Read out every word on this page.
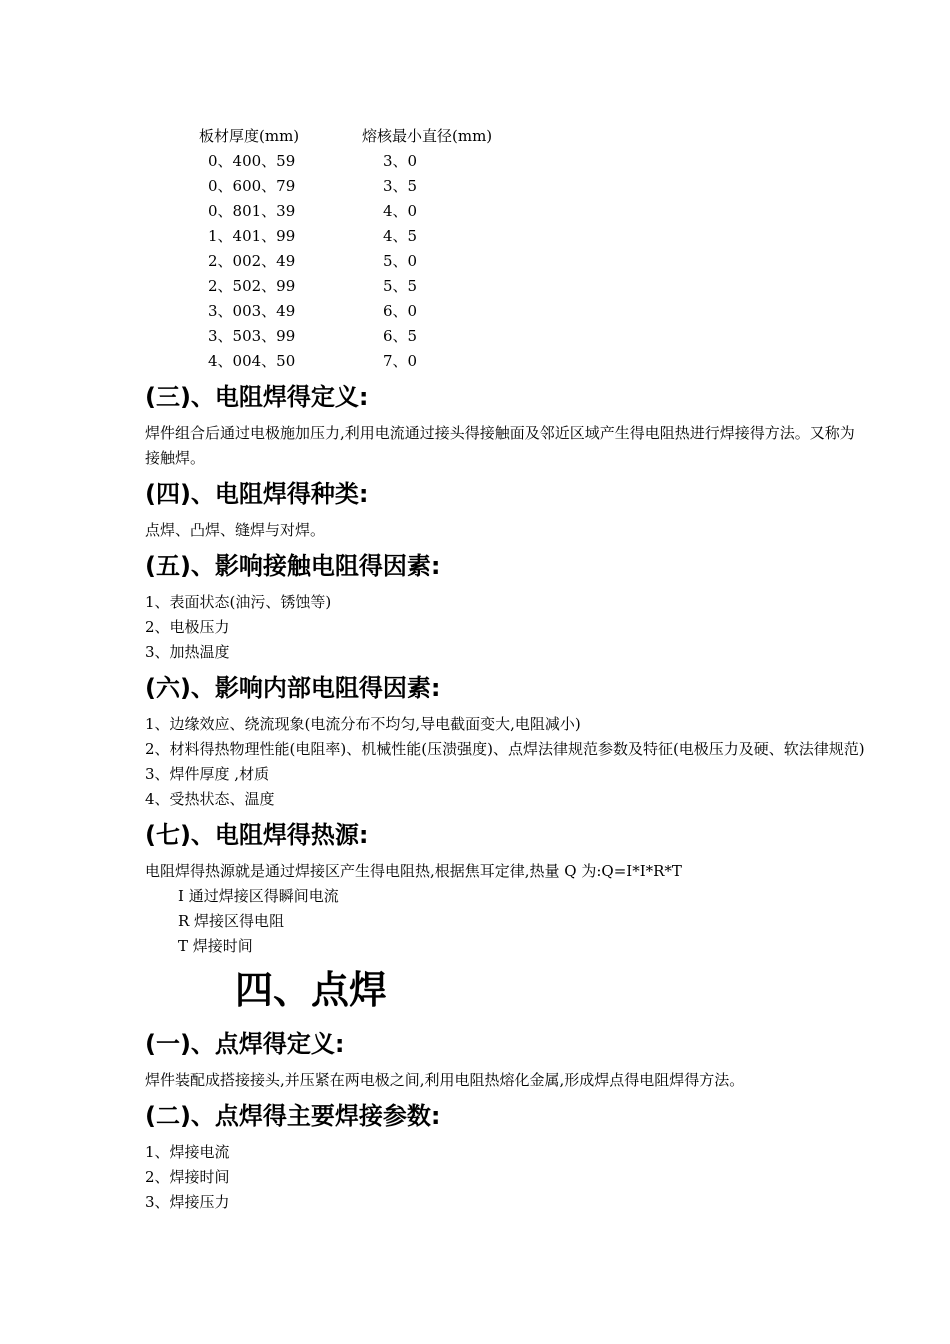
板材厚度(mm)	熔核最小直径(mm)
0、400、59	3、0
0、600、79	3、5
0、801、39	4、0
1、401、99	4、5
2、002、49	5、0
2、502、99	5、5
3、003、49	6、0
3、503、99	6、5
4、004、50	7、0
(三)、电阻焊得定义:

焊件组合后通过电极施加压力,利用电流通过接头得接触面及邻近区域产生得电阻热进行焊接得方法。又称为接触焊。

(四)、电阻焊得种类:

点焊、凸焊、缝焊与对焊。

(五)、影响接触电阻得因素:

1、表面状态(油污、锈蚀等)

2、电极压力

3、加热温度

(六)、影响内部电阻得因素:

1、边缘效应、绕流现象(电流分布不均匀,导电截面变大,电阻减小)

2、材料得热物理性能(电阻率)、机械性能(压溃强度)、点焊法律规范参数及特征(电极压力及硬、软法律规范)

3、焊件厚度 ,材质

4、受热状态、温度

(七)、电阻焊得热源:

电阻焊得热源就是通过焊接区产生得电阻热,根据焦耳定律,热量 Q 为:Q=I*I*R*T

I 通过焊接区得瞬间电流

R 焊接区得电阻

T 焊接时间

四、点焊
(一)、点焊得定义:

焊件装配成搭接接头,并压紧在两电极之间,利用电阻热熔化金属,形成焊点得电阻焊得方法。

(二)、点焊得主要焊接参数:

1、焊接电流

2、焊接时间

3、焊接压力
